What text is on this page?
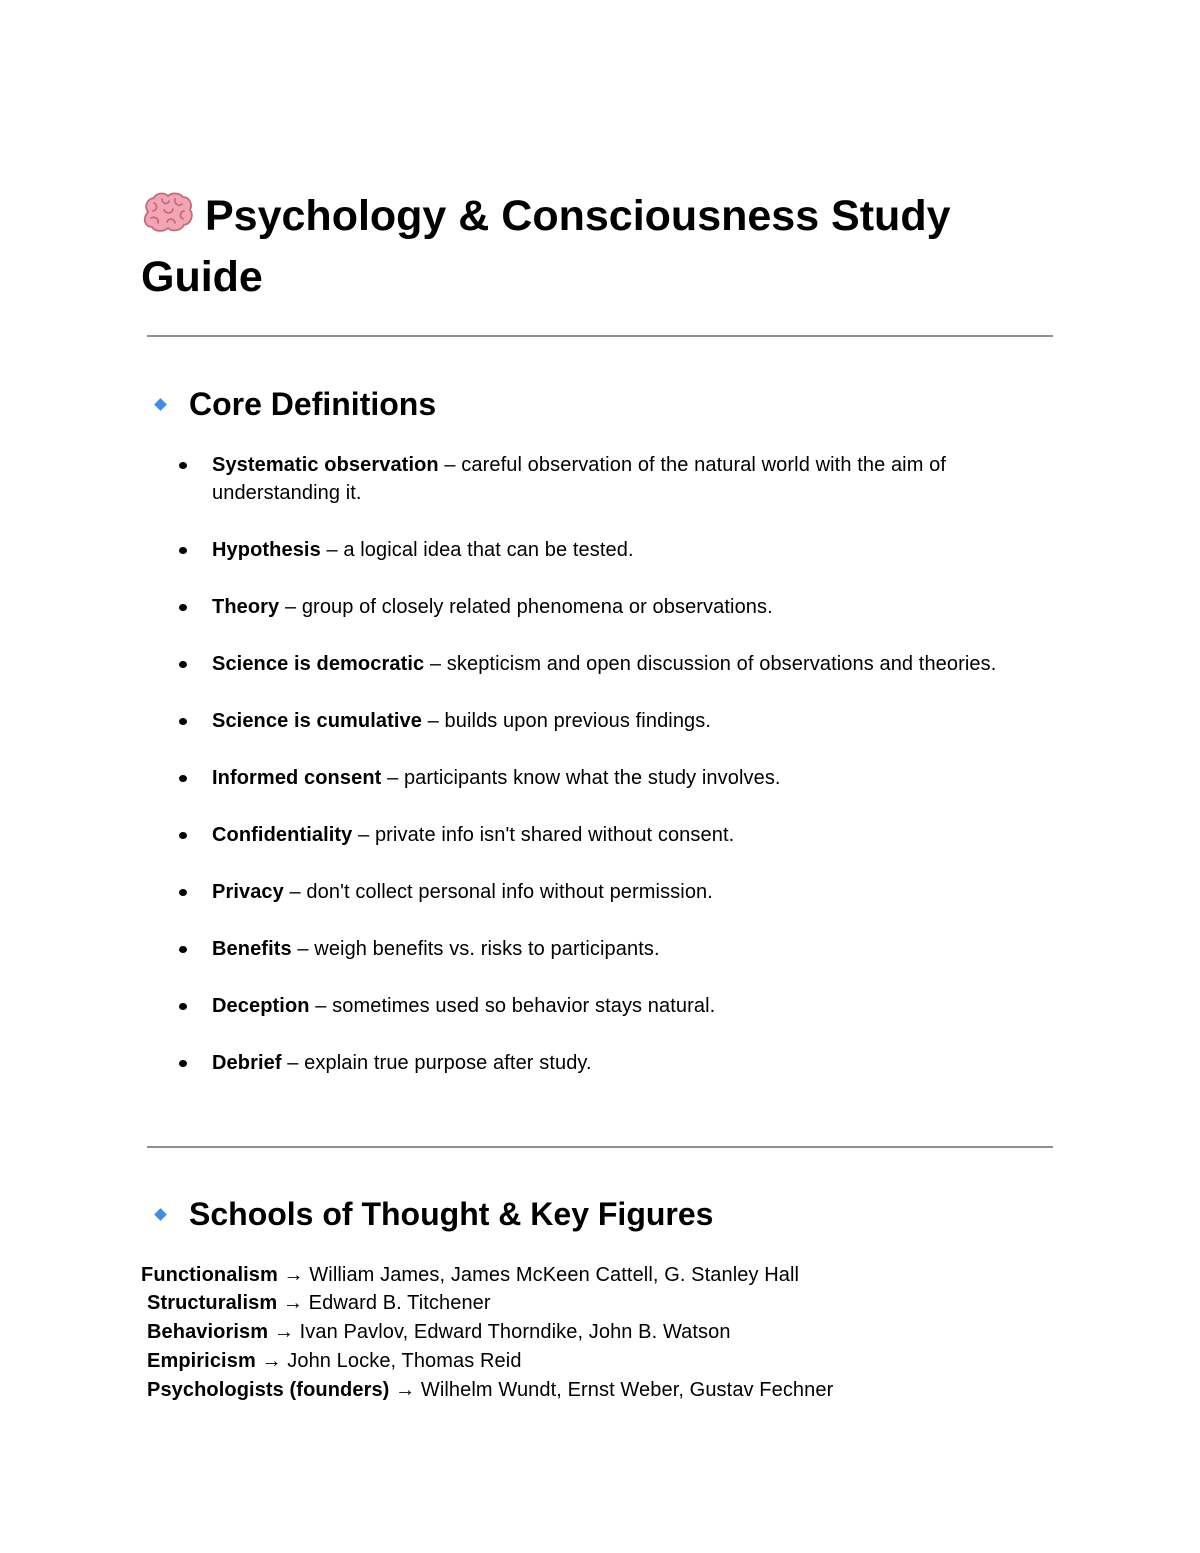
Psychology & Consciousness Study Guide
Core Definitions
Systematic observation – careful observation of the natural world with the aim of understanding it.
Hypothesis – a logical idea that can be tested.
Theory – group of closely related phenomena or observations.
Science is democratic – skepticism and open discussion of observations and theories.
Science is cumulative – builds upon previous findings.
Informed consent – participants know what the study involves.
Confidentiality – private info isn't shared without consent.
Privacy – don't collect personal info without permission.
Benefits – weigh benefits vs. risks to participants.
Deception – sometimes used so behavior stays natural.
Debrief – explain true purpose after study.
Schools of Thought & Key Figures
Functionalism → William James, James McKeen Cattell, G. Stanley Hall
Structuralism → Edward B. Titchener
Behaviorism → Ivan Pavlov, Edward Thorndike, John B. Watson
Empiricism → John Locke, Thomas Reid
Psychologists (founders) → Wilhelm Wundt, Ernst Weber, Gustav Fechner
